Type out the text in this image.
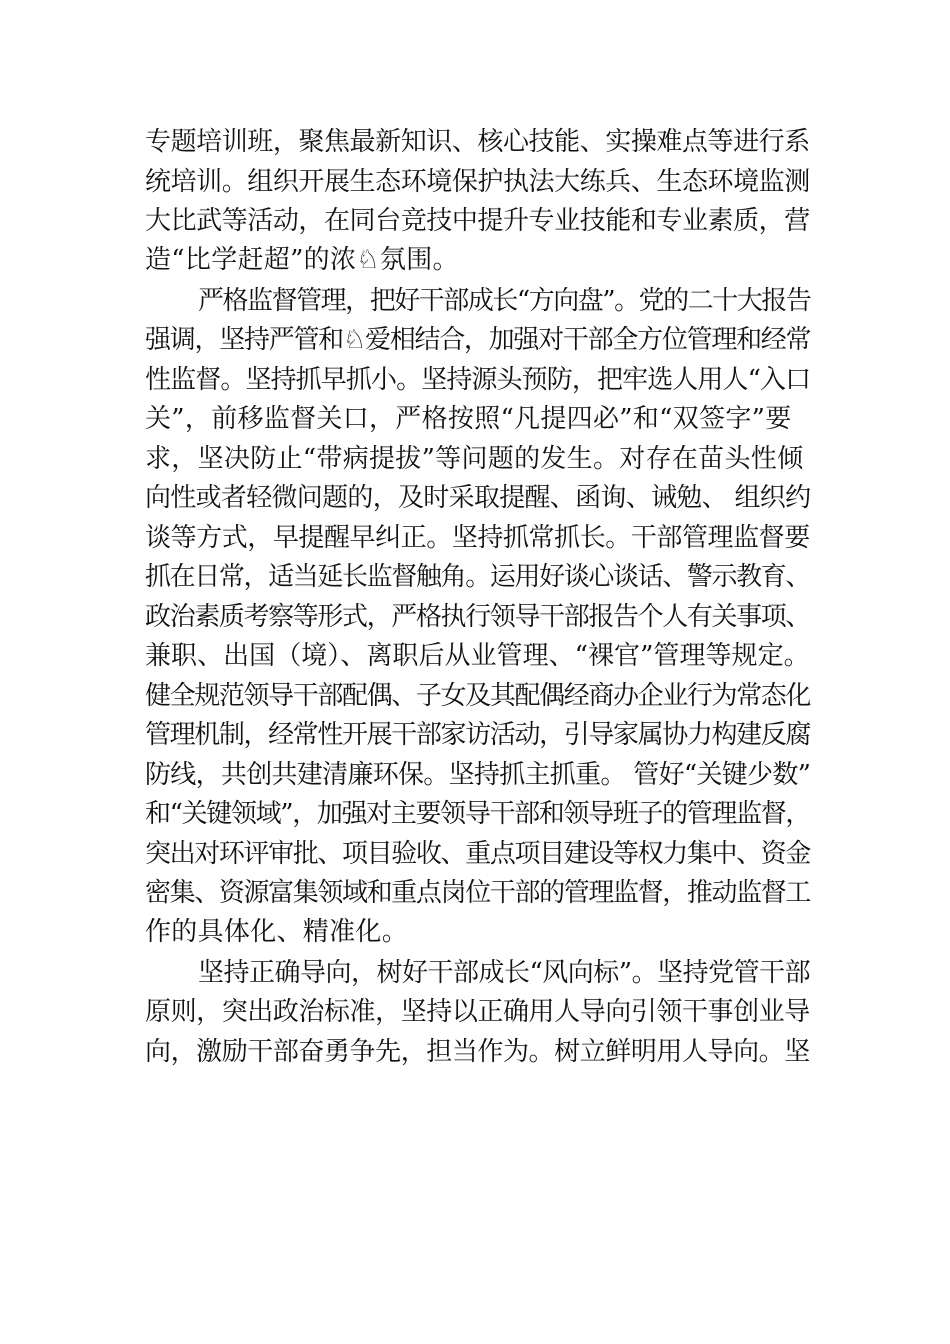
专题培训班，聚焦最新知识、核心技能、实操难点等进行系
统培训。组织开展生态环境保护执法大练兵、生态环境监测
大比武等活动，在同台竞技中提升专业技能和专业素质，营
造“比学赶超”的浓♘氛围。
严格监督管理，把好干部成长“方向盘”。党的二十大报告
强调，坚持严管和♘爱相结合，加强对干部全方位管理和经常
性监督。坚持抓早抓小。坚持源头预防，把牢选人用人“入口
关”，前移监督关口，严格按照“凡提四必”和“双签字”要
求，坚决防止“带病提拔”等问题的发生。对存在苗头性倾
向性或者轻微问题的，及时采取提醒、函询、诫勉、 组织约
谈等方式，早提醒早纠正。坚持抓常抓长。干部管理监督要
抓在日常，适当延长监督触角。运用好谈心谈话、警示教育、
政治素质考察等形式，严格执行领导干部报告个人有关事项、
兼职、出国（境）、离职后从业管理、“裸官”管理等规定。
健全规范领导干部配偶、子女及其配偶经商办企业行为常态化
管理机制，经常性开展干部家访活动，引导家属协力构建反腐
防线，共创共建清廉环保。坚持抓主抓重。 管好“关键少数”
和“关键领域”，加强对主要领导干部和领导班子的管理监督，
突出对环评审批、项目验收、重点项目建设等权力集中、资金
密集、资源富集领域和重点岗位干部的管理监督，推动监督工
作的具体化、精准化。
坚持正确导向，树好干部成长“风向标”。坚持党管干部
原则，突出政治标准，坚持以正确用人导向引领干事创业导
向，激励干部奋勇争先，担当作为。树立鲜明用人导向。坚
